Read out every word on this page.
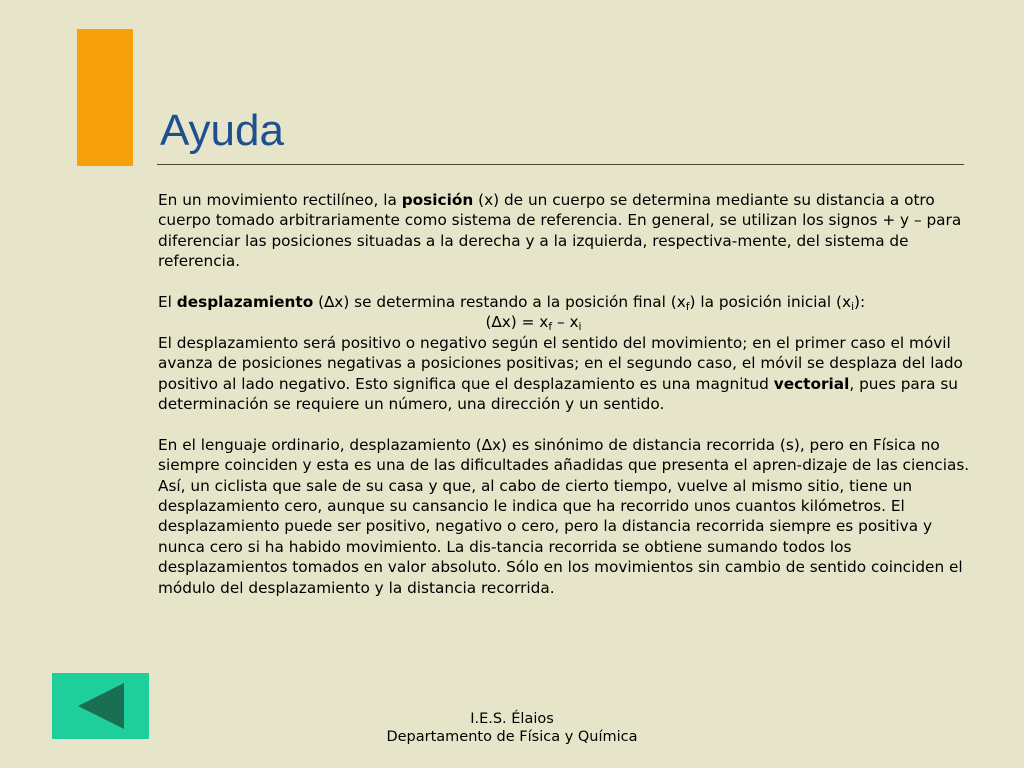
Ayuda

En un movimiento rectilíneo, la posición (x) de un cuerpo se determina mediante su distancia a otro cuerpo tomado arbitrariamente como sistema de referencia. En general, se utilizan los signos + y – para diferenciar las posiciones situadas a la derecha y a la izquierda, respectiva-mente, del sistema de referencia.

El desplazamiento (∆x) se determina restando a la posición final $(x_f)$ la posición inicial $(x_i)$:

$(\Delta x) = x_f - x_i$

El desplazamiento será positivo o negativo según el sentido del movimiento; en el primer caso el móvil avanza de posiciones negativas a posiciones positivas; en el segundo caso, el móvil se desplaza del lado positivo al lado negativo. Esto significa que el desplazamiento es una magnitud vectorial, pues para su determinación se requiere un número, una dirección y un sentido.

En el lenguaje ordinario, desplazamiento (∆x) es sinónimo de distancia recorrida (s), pero en Física no siempre coinciden y esta es una de las dificultades añadidas que presenta el apren-dizaje de las ciencias. Así, un ciclista que sale de su casa y que, al cabo de cierto tiempo, vuelve al mismo sitio, tiene un desplazamiento cero, aunque su cansancio le indica que ha recorrido unos cuantos kilómetros. El desplazamiento puede ser positivo, negativo o cero, pero la distancia recorrida siempre es positiva y nunca cero si ha habido movimiento. La dis-tancia recorrida se obtiene sumando todos los desplazamientos tomados en valor absoluto. Sólo en los movimientos sin cambio de sentido coinciden el módulo del desplazamiento y la distancia recorrida.

I.E.S. Élaios
Departamento de Física y Química
